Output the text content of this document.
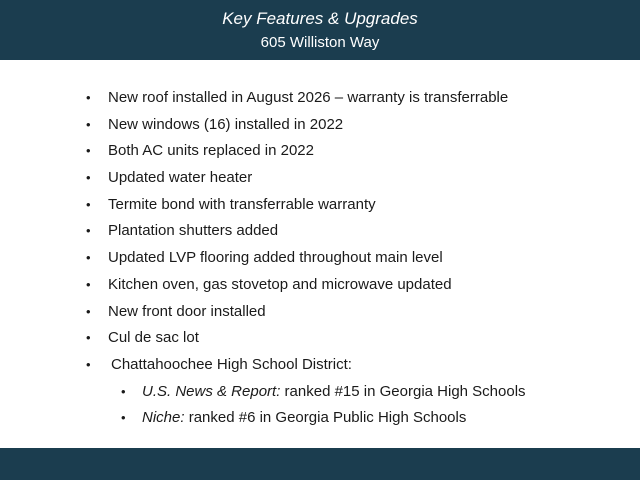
Key Features & Upgrades
605 Williston Way
• New roof installed in August 2026 – warranty is transferrable
• New windows (16) installed in 2022
• Both AC units replaced in 2022
• Updated water heater
• Termite bond with transferrable warranty
• Plantation shutters added
• Updated LVP flooring added throughout main level
• Kitchen oven, gas stovetop and microwave updated
• New front door installed
• Cul de sac lot
• Chattahoochee High School District:
• U.S. News & Report: ranked #15 in Georgia High Schools
• Niche: ranked #6 in Georgia Public High Schools
